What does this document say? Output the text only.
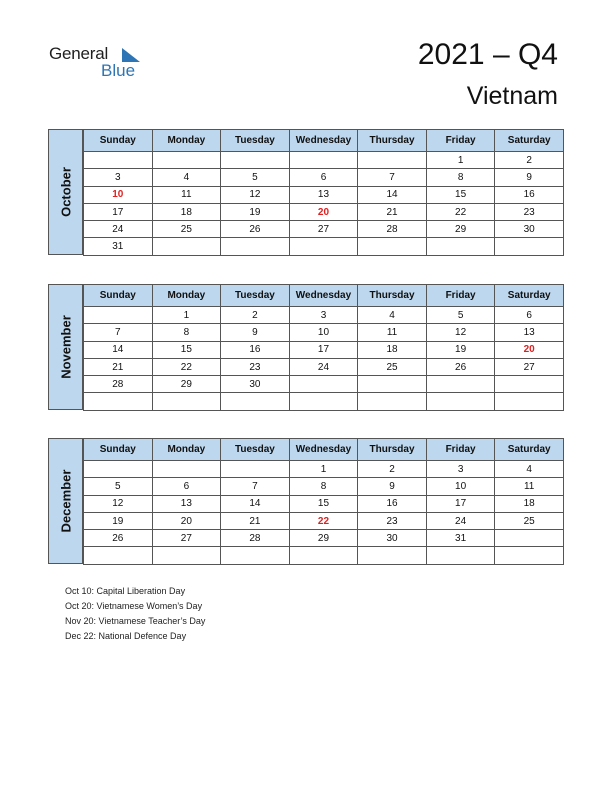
General
Blue	2021 – Q4
Vietnam
October
Sunday	Monday	Tuesday	Wednesday	Thursday	Friday	Saturday
					1	2
3	4	5	6	7	8	9
10	11	12	13	14	15	16
17	18	19	20	21	22	23
24	25	26	27	28	29	30
31						
November
Sunday	Monday	Tuesday	Wednesday	Thursday	Friday	Saturday
	1	2	3	4	5	6
7	8	9	10	11	12	13
14	15	16	17	18	19	20
21	22	23	24	25	26	27
28	29	30				

December
Sunday	Monday	Tuesday	Wednesday	Thursday	Friday	Saturday
			1	2	3	4
5	6	7	8	9	10	11
12	13	14	15	16	17	18
19	20	21	22	23	24	25
26	27	28	29	30	31	

Oct 10: Capital Liberation Day
Oct 20: Vietnamese Women’s Day
Nov 20: Vietnamese Teacher’s Day
Dec 22: National Defence Day
